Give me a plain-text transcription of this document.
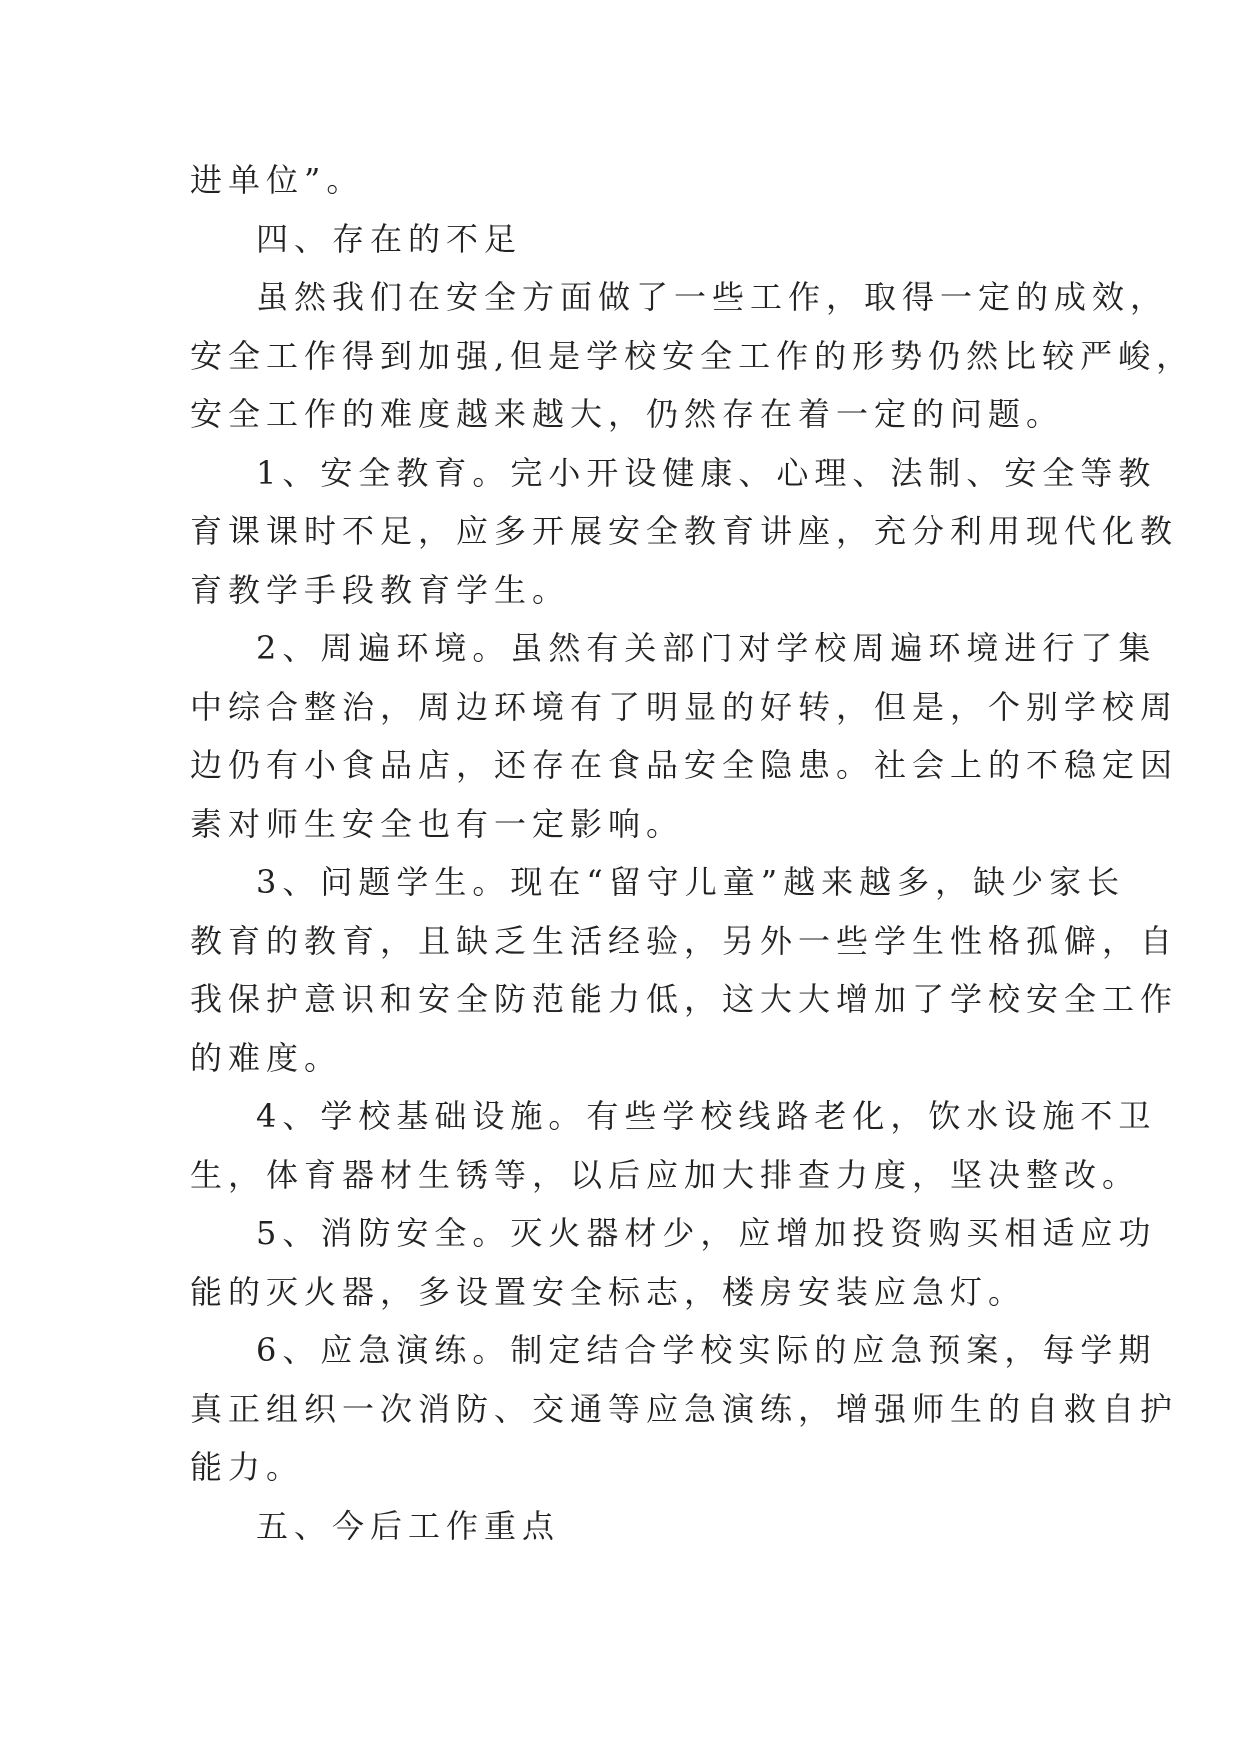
进单位”。
四、存在的不足
虽然我们在安全方面做了一些工作，取得一定的成效，
安全工作得到加强,但是学校安全工作的形势仍然比较严峻，
安全工作的难度越来越大，仍然存在着一定的问题。
1、安全教育。完小开设健康、心理、法制、安全等教
育课课时不足，应多开展安全教育讲座，充分利用现代化教
育教学手段教育学生。
2、周遍环境。虽然有关部门对学校周遍环境进行了集
中综合整治，周边环境有了明显的好转，但是，个别学校周
边仍有小食品店，还存在食品安全隐患。社会上的不稳定因
素对师生安全也有一定影响。
3、问题学生。现在“留守儿童”越来越多，缺少家长
教育的教育，且缺乏生活经验，另外一些学生性格孤僻，自
我保护意识和安全防范能力低，这大大增加了学校安全工作
的难度。
4、学校基础设施。有些学校线路老化，饮水设施不卫
生，体育器材生锈等，以后应加大排查力度，坚决整改。
5、消防安全。灭火器材少，应增加投资购买相适应功
能的灭火器，多设置安全标志，楼房安装应急灯。
6、应急演练。制定结合学校实际的应急预案，每学期
真正组织一次消防、交通等应急演练，增强师生的自救自护
能力。
五、今后工作重点
